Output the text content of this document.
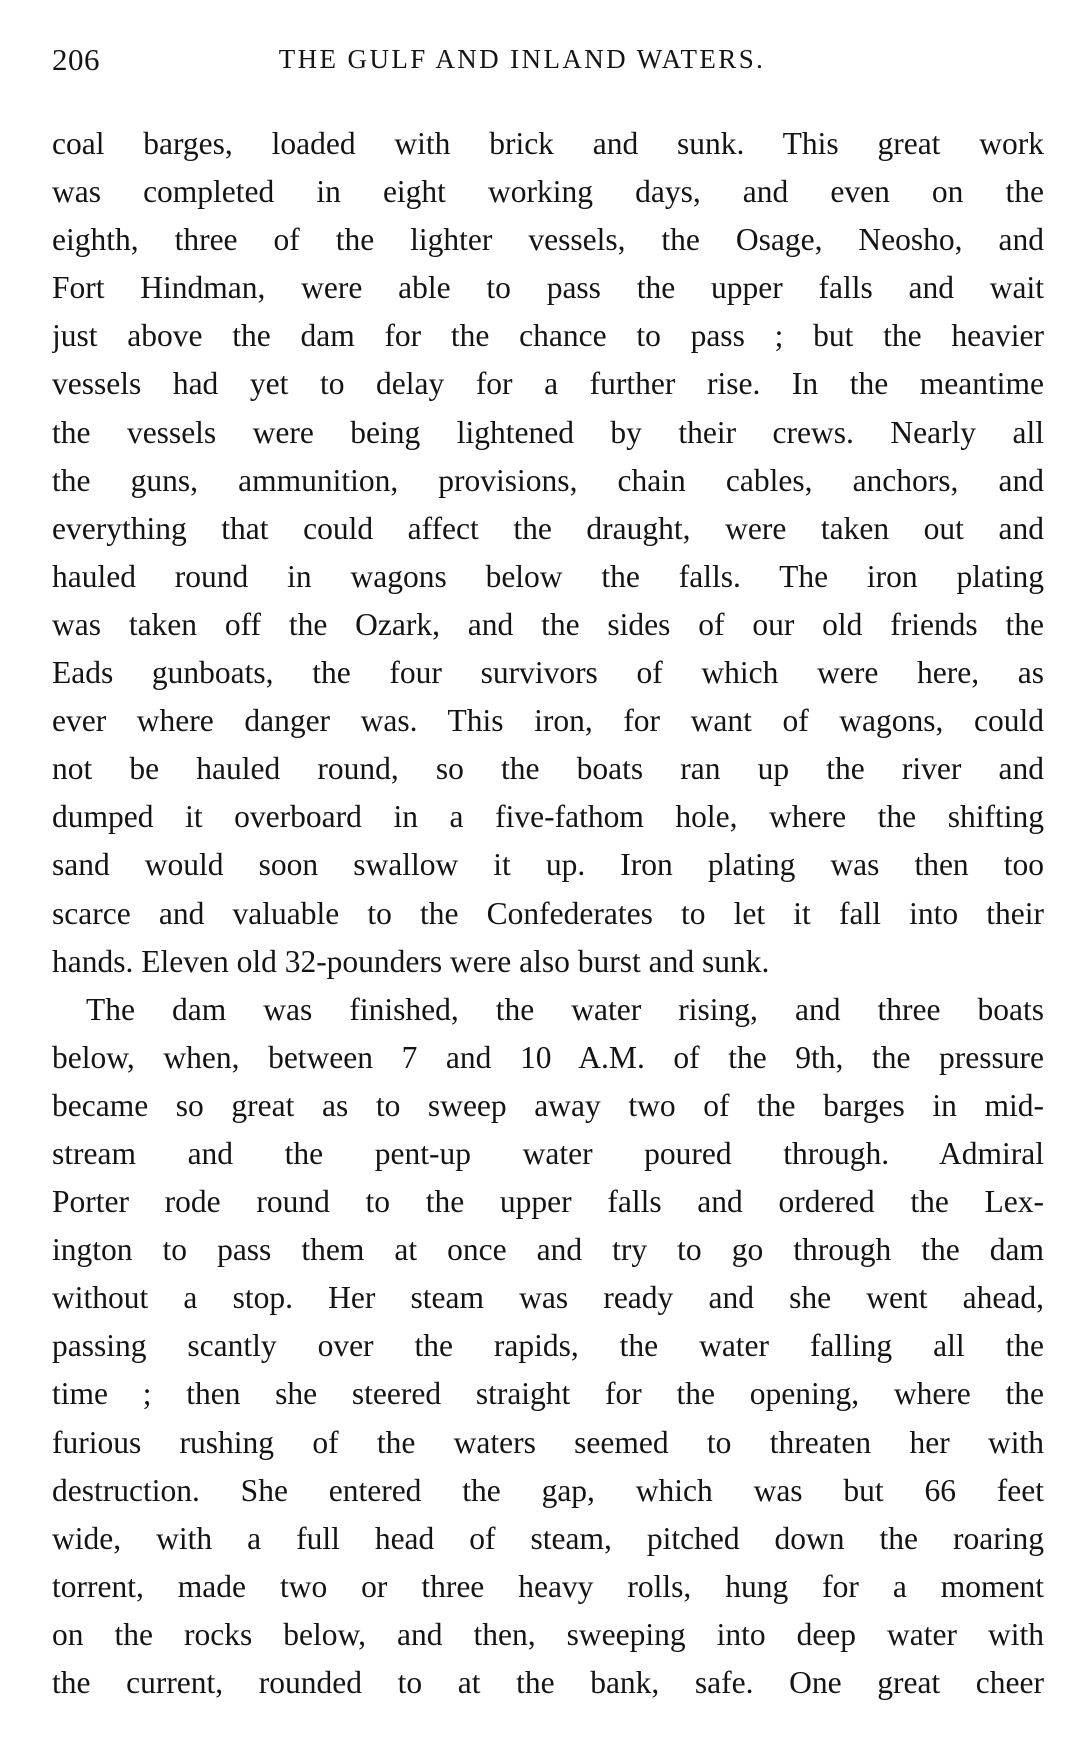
206	THE GULF AND INLAND WATERS.
coal barges, loaded with brick and sunk. This great work
was completed in eight working days, and even on the
eighth, three of the lighter vessels, the Osage, Neosho, and
Fort Hindman, were able to pass the upper falls and wait
just above the dam for the chance to pass ; but the heavier
vessels had yet to delay for a further rise. In the meantime
the vessels were being lightened by their crews. Nearly all
the guns, ammunition, provisions, chain cables, anchors, and
everything that could affect the draught, were taken out and
hauled round in wagons below the falls. The iron plating
was taken off the Ozark, and the sides of our old friends the
Eads gunboats, the four survivors of which were here, as
ever where danger was. This iron, for want of wagons, could
not be hauled round, so the boats ran up the river and
dumped it overboard in a five-fathom hole, where the shifting
sand would soon swallow it up. Iron plating was then too
scarce and valuable to the Confederates to let it fall into their
hands. Eleven old 32-pounders were also burst and sunk.
The dam was finished, the water rising, and three boats
below, when, between 7 and 10 A.M. of the 9th, the pressure
became so great as to sweep away two of the barges in mid-
stream and the pent-up water poured through. Admiral
Porter rode round to the upper falls and ordered the Lex-
ington to pass them at once and try to go through the dam
without a stop. Her steam was ready and she went ahead,
passing scantly over the rapids, the water falling all the
time ; then she steered straight for the opening, where the
furious rushing of the waters seemed to threaten her with
destruction. She entered the gap, which was but 66 feet
wide, with a full head of steam, pitched down the roaring
torrent, made two or three heavy rolls, hung for a moment
on the rocks below, and then, sweeping into deep water with
the current, rounded to at the bank, safe. One great cheer
